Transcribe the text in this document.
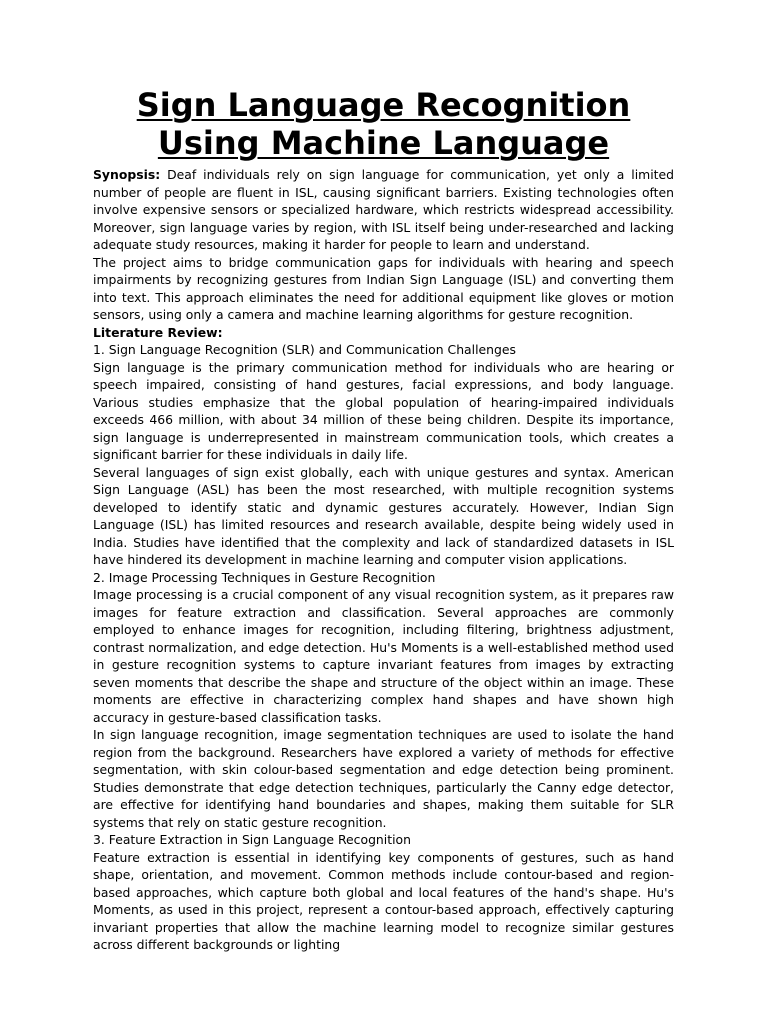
Sign Language Recognition
Using Machine Language

Synopsis: Deaf individuals rely on sign language for communication, yet only a limited number of people are fluent in ISL, causing significant barriers. Existing technologies often involve expensive sensors or specialized hardware, which restricts widespread accessibility. Moreover, sign language varies by region, with ISL itself being under-researched and lacking adequate study resources, making it harder for people to learn and understand.

The project aims to bridge communication gaps for individuals with hearing and speech impairments by recognizing gestures from Indian Sign Language (ISL) and converting them into text. This approach eliminates the need for additional equipment like gloves or motion sensors, using only a camera and machine learning algorithms for gesture recognition.

Literature Review:

1. Sign Language Recognition (SLR) and Communication Challenges

Sign language is the primary communication method for individuals who are hearing or speech impaired, consisting of hand gestures, facial expressions, and body language. Various studies emphasize that the global population of hearing-impaired individuals exceeds 466 million, with about 34 million of these being children. Despite its importance, sign language is underrepresented in mainstream communication tools, which creates a significant barrier for these individuals in daily life.

Several languages of sign exist globally, each with unique gestures and syntax. American Sign Language (ASL) has been the most researched, with multiple recognition systems developed to identify static and dynamic gestures accurately. However, Indian Sign Language (ISL) has limited resources and research available, despite being widely used in India. Studies have identified that the complexity and lack of standardized datasets in ISL have hindered its development in machine learning and computer vision applications.

2. Image Processing Techniques in Gesture Recognition

Image processing is a crucial component of any visual recognition system, as it prepares raw images for feature extraction and classification. Several approaches are commonly employed to enhance images for recognition, including filtering, brightness adjustment, contrast normalization, and edge detection. Hu's Moments is a well-established method used in gesture recognition systems to capture invariant features from images by extracting seven moments that describe the shape and structure of the object within an image. These moments are effective in characterizing complex hand shapes and have shown high accuracy in gesture-based classification tasks.

In sign language recognition, image segmentation techniques are used to isolate the hand region from the background. Researchers have explored a variety of methods for effective segmentation, with skin colour-based segmentation and edge detection being prominent. Studies demonstrate that edge detection techniques, particularly the Canny edge detector, are effective for identifying hand boundaries and shapes, making them suitable for SLR systems that rely on static gesture recognition.

3. Feature Extraction in Sign Language Recognition

Feature extraction is essential in identifying key components of gestures, such as hand shape, orientation, and movement. Common methods include contour-based and region-based approaches, which capture both global and local features of the hand's shape. Hu's Moments, as used in this project, represent a contour-based approach, effectively capturing invariant properties that allow the machine learning model to recognize similar gestures across different backgrounds or lighting
